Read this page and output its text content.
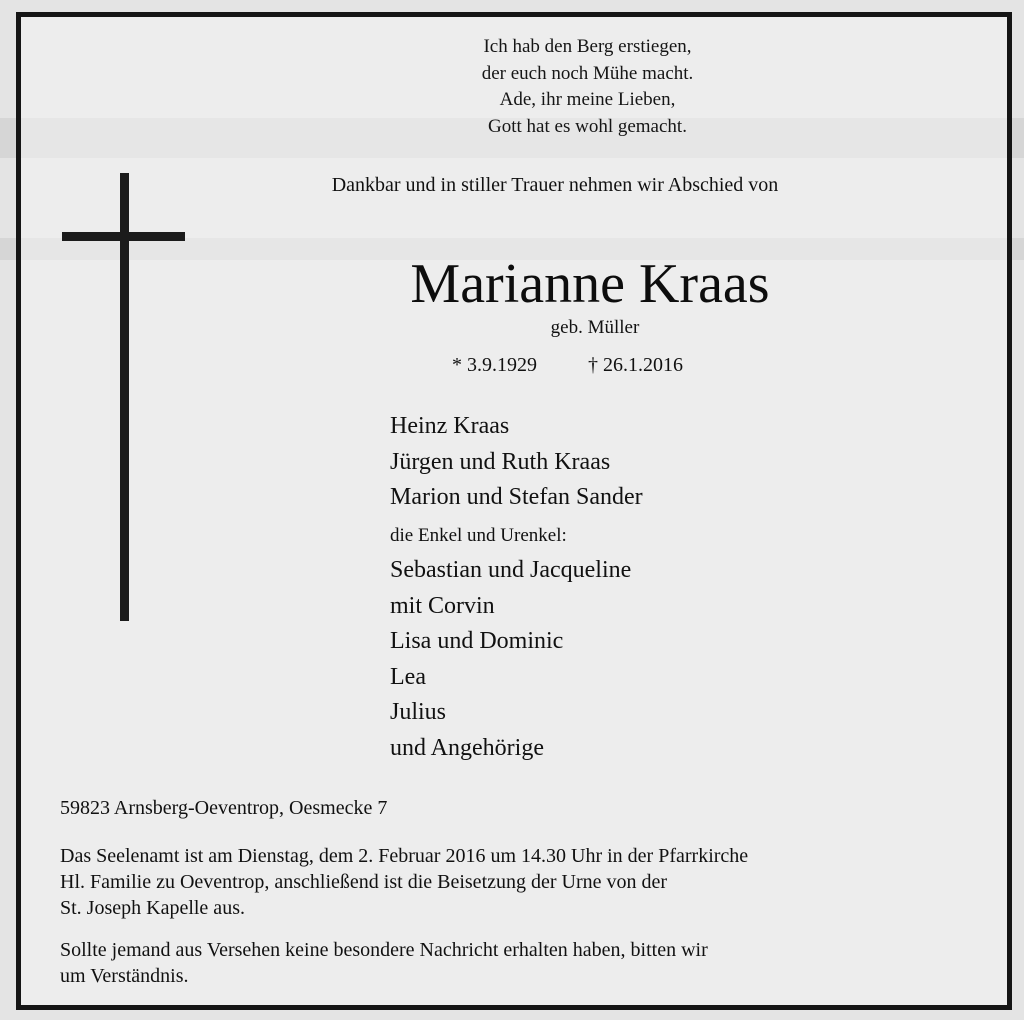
Ich hab den Berg erstiegen,
der euch noch Mühe macht.
Ade, ihr meine Lieben,
Gott hat es wohl gemacht.
Dankbar und in stiller Trauer nehmen wir Abschied von
Marianne Kraas
geb. Müller
* 3.9.1929	† 26.1.2016
Heinz Kraas
Jürgen und Ruth Kraas
Marion und Stefan Sander
die Enkel und Urenkel:
Sebastian und Jacqueline
mit Corvin
Lisa und Dominic
Lea
Julius
und Angehörige
59823 Arnsberg-Oeventrop, Oesmecke 7
Das Seelenamt ist am Dienstag, dem 2. Februar 2016 um 14.30 Uhr in der Pfarrkirche
Hl. Familie zu Oeventrop, anschließend ist die Beisetzung der Urne von der
St. Joseph Kapelle aus.
Sollte jemand aus Versehen keine besondere Nachricht erhalten haben, bitten wir
um Verständnis.
